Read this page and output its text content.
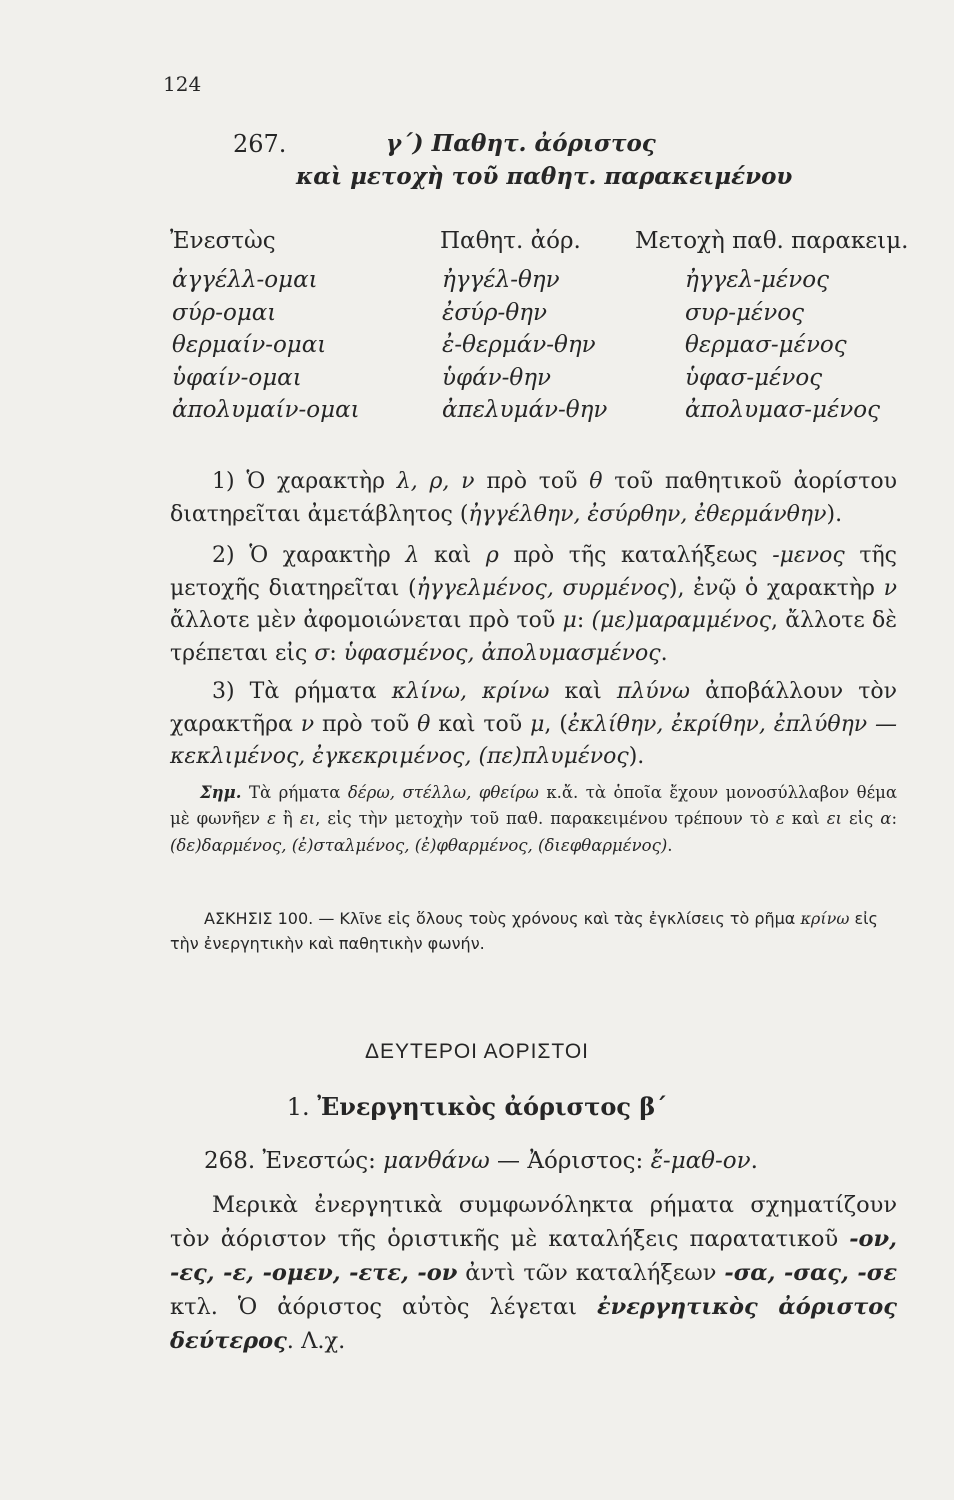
124
267.	γ΄) Παθητ. ἀόριστος
καὶ μετοχὴ τοῦ παθητ. παρακειμένου
Ἐνεστὼς
ἀγγέλλ-ομαι
σύρ-ομαι
θερμαίν-ομαι
ὑφαίν-ομαι
ἀπολυμαίν-ομαι
Παθητ. ἀόρ.
ἠγγέλ-θην
ἐσύρ-θην
ἐ-θερμάν-θην
ὑφάν-θην
ἀπελυμάν-θην
Μετοχὴ παθ. παρακειμ.
ἠγγελ-μένος
συρ-μένος
θερμασ-μένος
ὑφασ-μένος
ἀπολυμασ-μένος
1) Ὁ χαρακτὴρ λ, ρ, ν πρὸ τοῦ θ τοῦ παθητικοῦ ἀορίστου διατηρεῖται ἀμετάβλητος (ἠγγέλθην, ἐσύρθην, ἐθερμάνθην).
2) Ὁ χαρακτὴρ λ καὶ ρ πρὸ τῆς καταλήξεως -μενος τῆς μετοχῆς διατηρεῖται (ἠγγελμένος, συρμένος), ἐνῷ ὁ χαρακτὴρ ν ἄλλοτε μὲν ἀφομοιώνεται πρὸ τοῦ μ: (με)μαραμμένος, ἄλλοτε δὲ τρέπεται εἰς σ: ὑφασμένος, ἀπολυμασμένος.
3) Τὰ ρήματα κλίνω, κρίνω καὶ πλύνω ἀποβάλλουν τὸν χαρακτῆρα ν πρὸ τοῦ θ καὶ τοῦ μ, (ἐκλίθην, ἐκρίθην, ἐπλύθην — κεκλιμένος, ἐγκεκριμένος, (πε)πλυμένος).
Σημ. Τὰ ρήματα δέρω, στέλλω, φθείρω κ.ἄ. τὰ ὁποῖα ἔχουν μονοσύλλαβον θέμα μὲ φωνῆεν ε ἢ ει, εἰς τὴν μετοχὴν τοῦ παθ. παρακειμένου τρέπουν τὸ ε καὶ ει εἰς α: (δε)δαρμένος, (ἐ)σταλμένος, (ἐ)φθαρμένος, (διεφθαρμένος).
ΑΣΚΗΣΙΣ 100. — Κλῖνε εἰς ὅλους τοὺς χρόνους καὶ τὰς ἐγκλίσεις τὸ ρῆμα κρίνω εἰς τὴν ἐνεργητικὴν καὶ παθητικὴν φωνήν.
ΔΕΥΤΕΡΟΙ ΑΟΡΙΣΤΟΙ
1. Ἐνεργητικὸς ἀόριστος β΄
268. Ἐνεστώς: μανθάνω — Ἀόριστος: ἔ-μαθ-ον.
Μερικὰ ἐνεργητικὰ συμφωνόληκτα ρήματα σχηματίζουν τὸν ἀόριστον τῆς ὁριστικῆς μὲ καταλήξεις παρατατικοῦ -ον, -ες, -ε, -ομεν, -ετε, -ον ἀντὶ τῶν καταλήξεων -σα, -σας, -σε κτλ. Ὁ ἀόριστος αὐτὸς λέγεται ἐνεργητικὸς ἀόριστος δεύτερος. Λ.χ.
